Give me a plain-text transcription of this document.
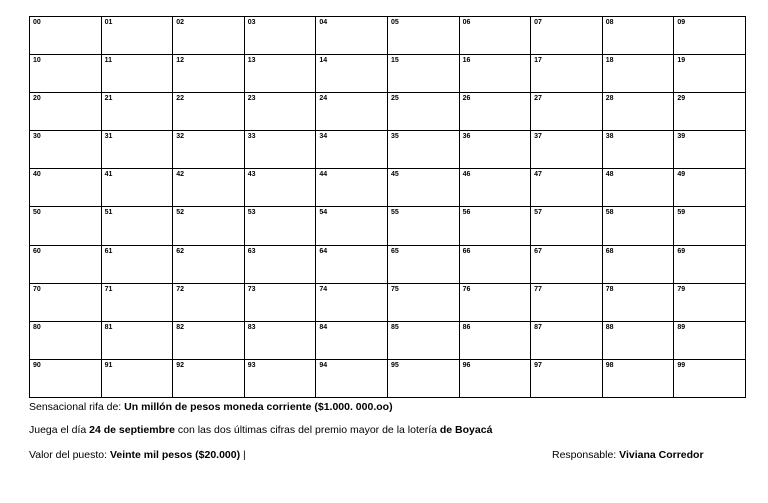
00	01	02	03	04	05	06	07	08	09
10	11	12	13	14	15	16	17	18	19
20	21	22	23	24	25	26	27	28	29
30	31	32	33	34	35	36	37	38	39
40	41	42	43	44	45	46	47	48	49
50	51	52	53	54	55	56	57	58	59
60	61	62	63	64	65	66	67	68	69
70	71	72	73	74	75	76	77	78	79
80	81	82	83	84	85	86	87	88	89
90	91	92	93	94	95	96	97	98	99
Sensacional rifa de: Un millón de pesos moneda corriente ($1.000. 000.oo)
Juega el día 24 de septiembre con las dos últimas cifras del premio mayor de la lotería de Boyacá
Valor del puesto: Veinte mil pesos ($20.000) |	Responsable: Viviana Corredor
